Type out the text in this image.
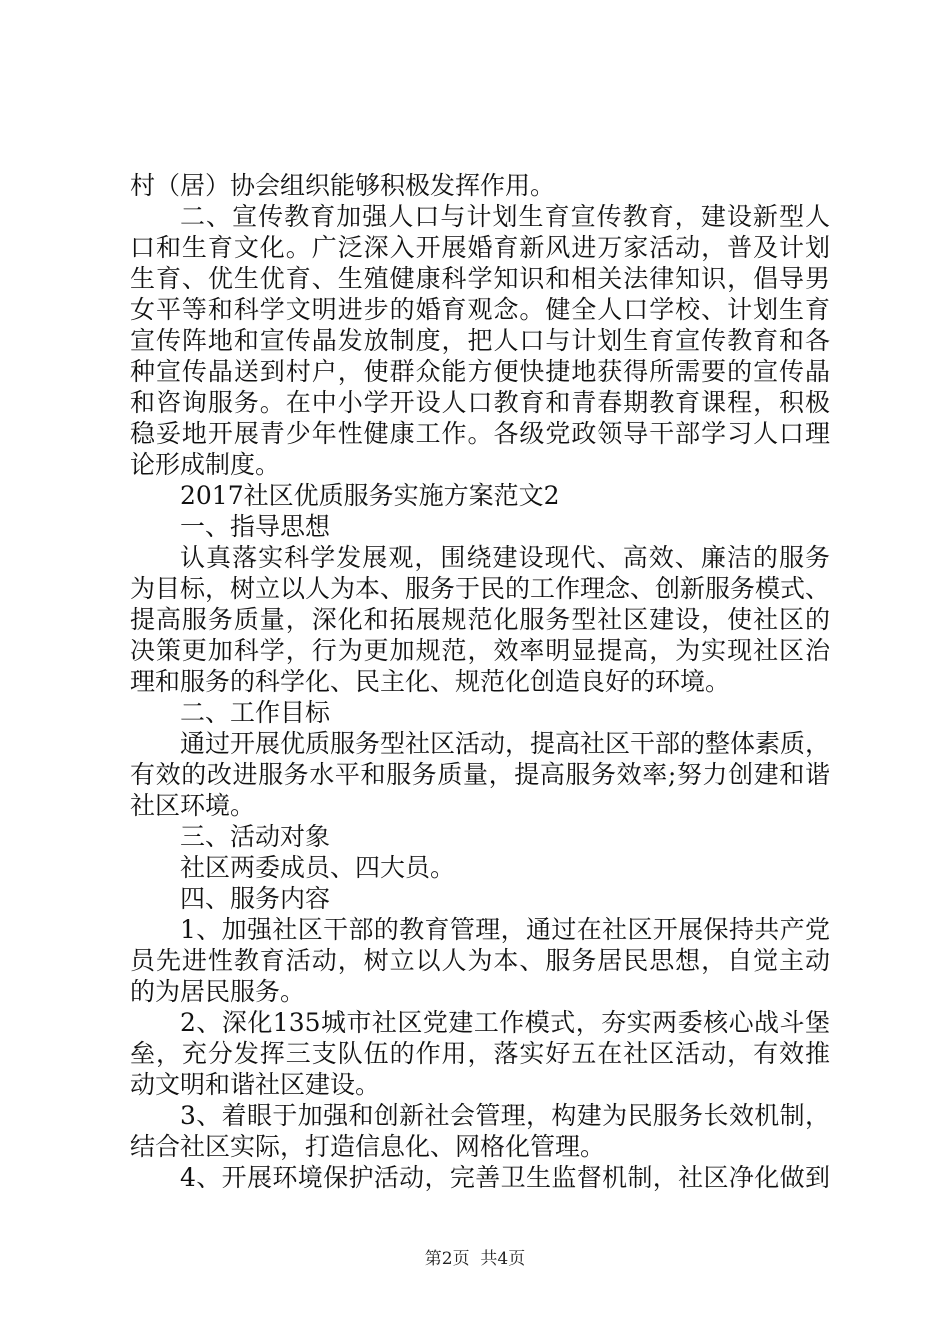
村（居）协会组织能够积极发挥作用。
二、宣传教育加强人口与计划生育宣传教育，建设新型人
口和生育文化。广泛深入开展婚育新风进万家活动，普及计划
生育、优生优育、生殖健康科学知识和相关法律知识，倡导男
女平等和科学文明进步的婚育观念。健全人口学校、计划生育
宣传阵地和宣传晶发放制度，把人口与计划生育宣传教育和各
种宣传晶送到村户，使群众能方便快捷地获得所需要的宣传晶
和咨询服务。在中小学开设人口教育和青春期教育课程，积极
稳妥地开展青少年性健康工作。各级党政领导干部学习人口理
论形成制度。
2017社区优质服务实施方案范文2
一、指导思想
认真落实科学发展观，围绕建设现代、高效、廉洁的服务
为目标，树立以人为本、服务于民的工作理念、创新服务模式、
提高服务质量，深化和拓展规范化服务型社区建设，使社区的
决策更加科学，行为更加规范，效率明显提高，为实现社区治
理和服务的科学化、民主化、规范化创造良好的环境。
二、工作目标
通过开展优质服务型社区活动，提高社区干部的整体素质，
有效的改进服务水平和服务质量，提高服务效率;努力创建和谐
社区环境。
三、活动对象
社区两委成员、四大员。
四、服务内容
1、加强社区干部的教育管理，通过在社区开展保持共产党
员先进性教育活动，树立以人为本、服务居民思想，自觉主动
的为居民服务。
2、深化135城市社区党建工作模式，夯实两委核心战斗堡
垒，充分发挥三支队伍的作用，落实好五在社区活动，有效推
动文明和谐社区建设。
3、着眼于加强和创新社会管理，构建为民服务长效机制，
结合社区实际，打造信息化、网格化管理。
4、开展环境保护活动，完善卫生监督机制，社区净化做到
第2页  共4页
